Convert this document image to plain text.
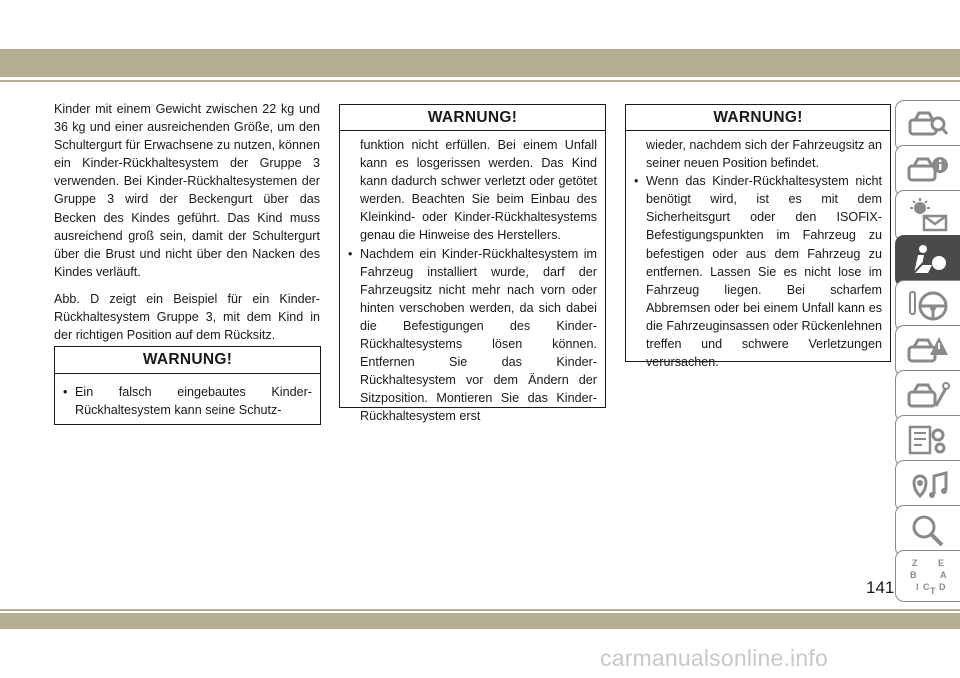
Kinder mit einem Gewicht zwischen 22 kg und 36 kg und einer ausreichenden Größe, um den Schultergurt für Erwachsene zu nutzen, können ein Kinder-Rückhaltesystem der Gruppe 3 verwenden. Bei Kinder-Rückhaltesystemen der Gruppe 3 wird der Beckengurt über das Becken des Kindes geführt. Das Kind muss ausreichend groß sein, damit der Schultergurt über die Brust und nicht über den Nacken des Kindes verläuft.

Abb. D zeigt ein Beispiel für ein Kinder-Rückhaltesystem Gruppe 3, mit dem Kind in der richtigen Position auf dem Rücksitz.

WARNUNG!
• Ein falsch eingebautes Kinder-Rückhaltesystem kann seine Schutz-
WARNUNG!
funktion nicht erfüllen. Bei einem Unfall kann es losgerissen werden. Das Kind kann dadurch schwer verletzt oder getötet werden. Beachten Sie beim Einbau des Kleinkind- oder Kinder-Rückhaltesystems genau die Hinweise des Herstellers.
• Nachdem ein Kinder-Rückhaltesystem im Fahrzeug installiert wurde, darf der Fahrzeugsitz nicht mehr nach vorn oder hinten verschoben werden, da sich dabei die Befestigungen des Kinder-Rückhaltesystems lösen können. Entfernen Sie das Kinder-Rückhaltesystem vor dem Ändern der Sitzposition. Montieren Sie das Kinder-Rückhaltesystem erst
WARNUNG!
wieder, nachdem sich der Fahrzeugsitz an seiner neuen Position befindet.
• Wenn das Kinder-Rückhaltesystem nicht benötigt wird, ist es mit dem Sicherheitsgurt oder den ISOFIX-Befestigungspunkten im Fahrzeug zu befestigen oder aus dem Fahrzeug zu entfernen. Lassen Sie es nicht lose im Fahrzeug liegen. Bei scharfem Abbremsen oder bei einem Unfall kann es die Fahrzeuginsassen oder Rückenlehnen treffen und schwere Verletzungen verursachen.
Z E
B	A
I C D
T
141
carmanualsonline.info
